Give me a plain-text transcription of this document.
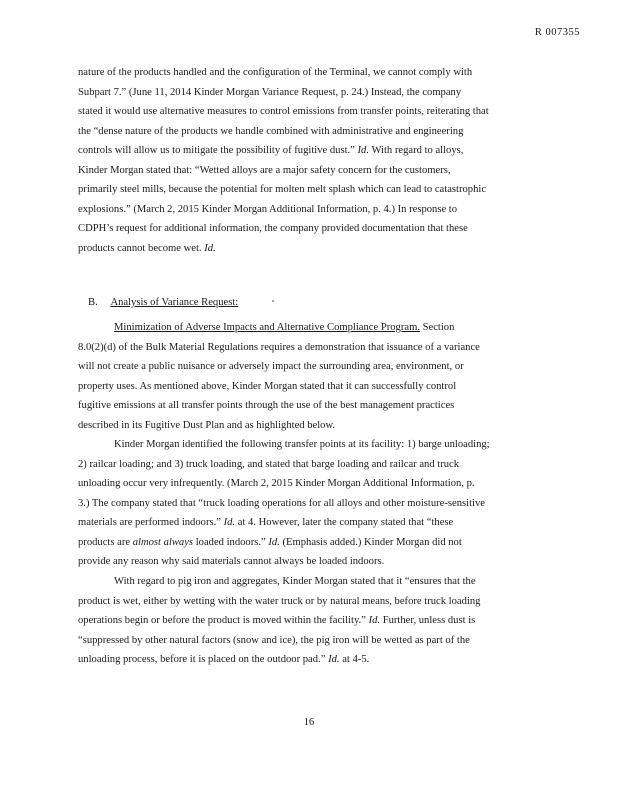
R 007355
nature of the products handled and the configuration of the Terminal, we cannot comply with
Subpart 7.” (June 11, 2014 Kinder Morgan Variance Request, p. 24.) Instead, the company
stated it would use alternative measures to control emissions from transfer points, reiterating that
the “dense nature of the products we handle combined with administrative and engineering
controls will allow us to mitigate the possibility of fugitive dust.” Id. With regard to alloys,
Kinder Morgan stated that: “Wetted alloys are a major safety concern for the customers,
primarily steel mills, because the potential for molten melt splash which can lead to catastrophic
explosions.” (March 2, 2015 Kinder Morgan Additional Information, p. 4.) In response to
CDPH’s request for additional information, the company provided documentation that these
products cannot become wet. Id.
B. Analysis of Variance Request:
Minimization of Adverse Impacts and Alternative Compliance Program. Section
8.0(2)(d) of the Bulk Material Regulations requires a demonstration that issuance of a variance
will not create a public nuisance or adversely impact the surrounding area, environment, or
property uses. As mentioned above, Kinder Morgan stated that it can successfully control
fugitive emissions at all transfer points through the use of the best management practices
described in its Fugitive Dust Plan and as highlighted below.
Kinder Morgan identified the following transfer points at its facility: 1) barge unloading;
2) railcar loading; and 3) truck loading, and stated that barge loading and railcar and truck
unloading occur very infrequently. (March 2, 2015 Kinder Morgan Additional Information, p.
3.) The company stated that “truck loading operations for all alloys and other moisture-sensitive
materials are performed indoors.” Id. at 4. However, later the company stated that “these
products are almost always loaded indoors.” Id. (Emphasis added.) Kinder Morgan did not
provide any reason why said materials cannot always be loaded indoors.
With regard to pig iron and aggregates, Kinder Morgan stated that it “ensures that the
product is wet, either by wetting with the water truck or by natural means, before truck loading
operations begin or before the product is moved within the facility.” Id. Further, unless dust is
“suppressed by other natural factors (snow and ice), the pig iron will be wetted as part of the
unloading process, before it is placed on the outdoor pad.” Id. at 4-5.
16
